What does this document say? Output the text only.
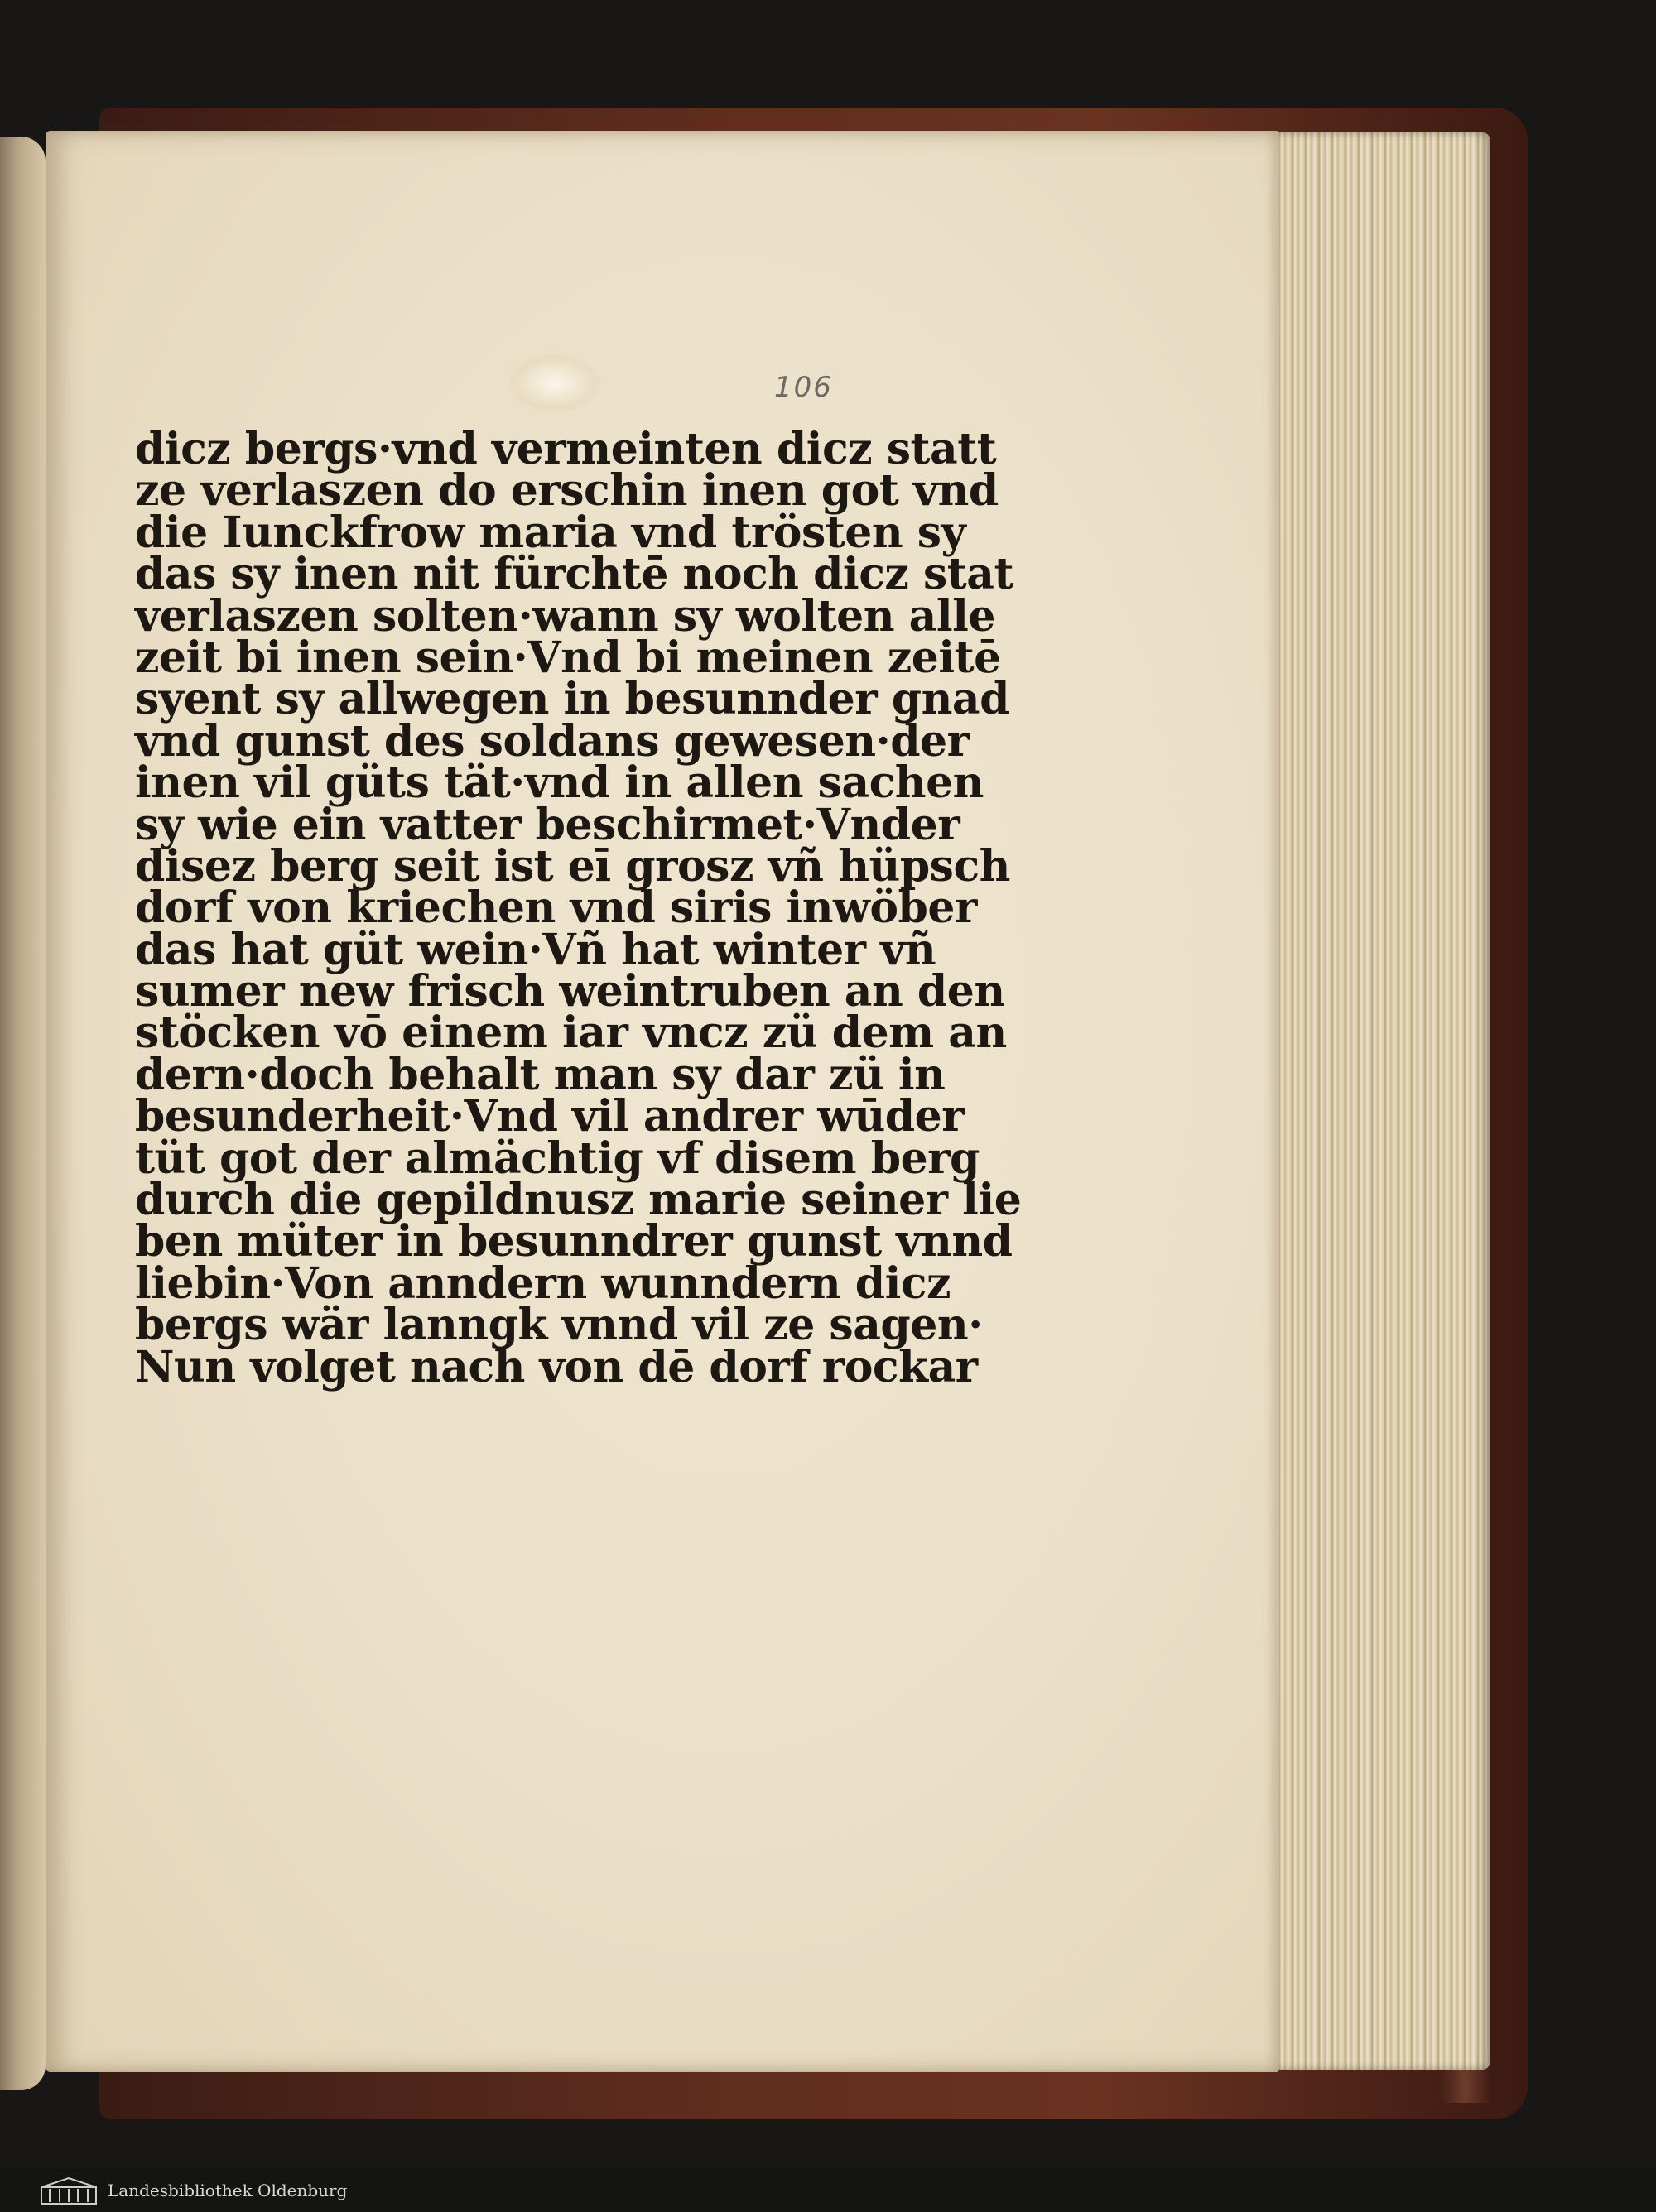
106
dicz bergs·vnd vermeinten dicz statt
ze verlaszen do erschin inen got vnd
die Iunckfrow maria vnd trösten sy
das sy inen nit fürchtē noch dicz stat
verlaszen solten·wann sy wolten alle
zeit bi inen sein·Vnd bi meinen zeitē
syent sy allwegen in besunnder gnad
vnd gunst des soldans gewesen·der
inen vil güts tät·vnd in allen sachen
sy wie ein vatter beschirmet·Vnder
disez berg seit ist eī grosz vñ hüpsch
dorf von kriechen vnd siris inwöber
das hat güt wein·Vñ hat winter vñ
sumer new frisch weintruben an den
stöcken vō einem iar vncz zü dem an
dern·doch behalt man sy dar zü in
besunderheit·Vnd vil andrer wūder
tüt got der almächtig vf disem berg
durch die gepildnusz marie seiner lie
ben müter in besunndrer gunst vnnd
liebin·Von anndern wunndern dicz
bergs wär lanngk vnnd vil ze sagen·
Nun volget nach von dē dorf rockar
Landesbibliothek Oldenburg
